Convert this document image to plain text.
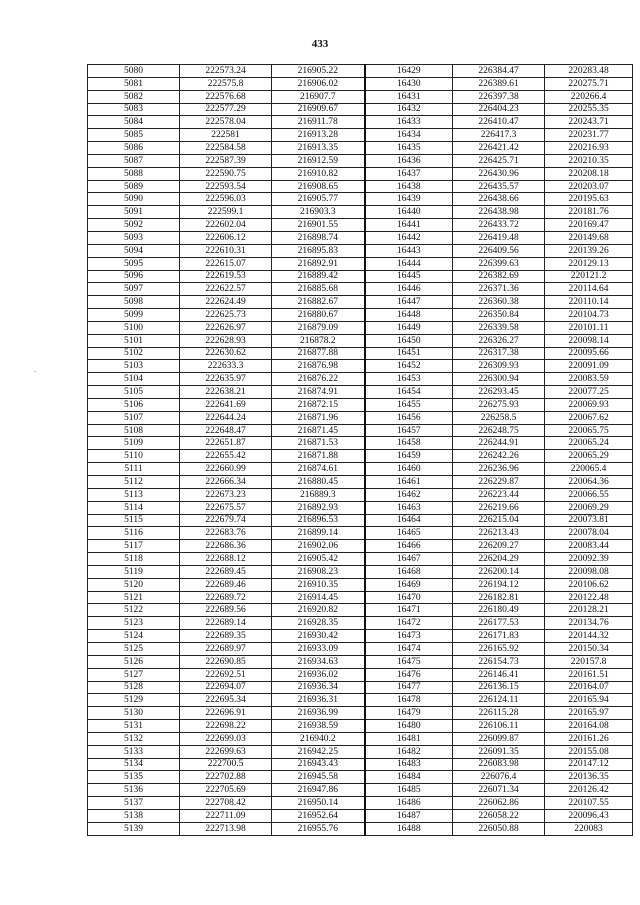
433
.
5080	222573.24	216905.22	16429	226384.47	220283.48
5081	222575.8	216906.02	16430	226389.61	220275.71
5082	222576.68	216907.7	16431	226397.38	220266.4
5083	222577.29	216909.67	16432	226404.23	220255.35
5084	222578.04	216911.78	16433	226410.47	220243.71
5085	222581	216913.28	16434	226417.3	220231.77
5086	222584.58	216913.35	16435	226421.42	220216.93
5087	222587.39	216912.59	16436	226425.71	220210.35
5088	222590.75	216910.82	16437	226430.96	220208.18
5089	222593.54	216908.65	16438	226435.57	220203.07
5090	222596.03	216905.77	16439	226438.66	220195.63
5091	222599.1	216903.3	16440	226438.98	220181.76
5092	222602.04	216901.55	16441	226433.72	220169.47
5093	222606.12	216898.74	16442	226419.48	220149.68
5094	222610.31	216895.83	16443	226409.56	220139.26
5095	222615.07	216892.91	16444	226399.63	220129.13
5096	222619.53	216889.42	16445	226382.69	220121.2
5097	222622.57	216885.68	16446	226371.36	220114.64
5098	222624.49	216882.67	16447	226360.38	220110.14
5099	222625.73	216880.67	16448	226350.84	220104.73
5100	222626.97	216879.09	16449	226339.58	220101.11
5101	222628.93	216878.2	16450	226326.27	220098.14
5102	222630.62	216877.88	16451	226317.38	220095.66
5103	222633.3	216876.98	16452	226309.93	220091.09
5104	222635.97	216876.22	16453	226300.94	220083.59
5105	222638.21	216874.91	16454	226293.45	220077.25
5106	222641.69	216872.15	16455	226275.93	220069.93
5107	222644.24	216871.96	16456	226258.5	220067.62
5108	222648.47	216871.45	16457	226248.75	220065.75
5109	222651.87	216871.53	16458	226244.91	220065.24
5110	222655.42	216871.88	16459	226242.26	220065.29
5111	222660.99	216874.61	16460	226236.96	220065.4
5112	222666.34	216880.45	16461	226229.87	220064.36
5113	222673.23	216889.3	16462	226223.44	220066.55
5114	222675.57	216892.93	16463	226219.66	220069.29
5115	222679.74	216896.53	16464	226215.04	220073.81
5116	222683.76	216899.14	16465	226213.43	220078.04
5117	222686.36	216902.06	16466	226209.27	220083.44
5118	222688.12	216905.42	16467	226204.29	220092.39
5119	222689.45	216908.23	16468	226200.14	220098.08
5120	222689.46	216910.35	16469	226194.12	220106.62
5121	222689.72	216914.45	16470	226182.81	220122.48
5122	222689.56	216920.82	16471	226180.49	220128.21
5123	222689.14	216928.35	16472	226177.53	220134.76
5124	222689.35	216930.42	16473	226171.83	220144.32
5125	222689.97	216933.09	16474	226165.92	220150.34
5126	222690.85	216934.63	16475	226154.73	220157.8
5127	222692.51	216936.02	16476	226146.41	220161.51
5128	222694.07	216936.34	16477	226136.15	220164.07
5129	222695.34	216936.31	16478	226124.11	220165.94
5130	222696.91	216936.99	16479	226115.28	220165.97
5131	222698.22	216938.59	16480	226106.11	220164.08
5132	222699.03	216940.2	16481	226099.87	220161.26
5133	222699.63	216942.25	16482	226091.35	220155.08
5134	222700.5	216943.43	16483	226083.98	220147.12
5135	222702.88	216945.58	16484	226076.4	220136.35
5136	222705.69	216947.86	16485	226071.34	220126.42
5137	222708.42	216950.14	16486	226062.86	220107.55
5138	222711.09	216952.64	16487	226058.22	220096.43
5139	222713.98	216955.76	16488	226050.88	220083
